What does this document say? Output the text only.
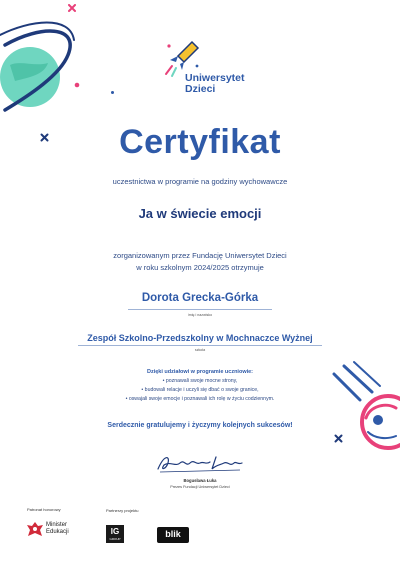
Uniwersytet
Dzieci
Certyfikat
uczestnictwa w programie na godziny wychowawcze
Ja w świecie emocji
zorganizowanym przez Fundację Uniwersytet Dzieci
w roku szkolnym 2024/2025 otrzymuje
Dorota Grecka-Górka
imię i nazwisko
Zespół Szkolno-Przedszkolny w Mochnaczce Wyżnej
szkoła
Dzięki udziałowi w programie uczniowie:
• poznawali swoje mocne strony,
• budowali relacje i uczyli się dbać o swoje granice,
• oswajali swoje emocje i poznawali ich rolę w życiu codziennym.
Serdecznie gratulujemy i życzymy kolejnych sukcesów!
Bogusława Łuka
Prezes Fundacji Uniwersytet Dzieci
Patronat honorowy	Partnerzy projektu
Minister
Edukacji	IG
GROUP	blik
